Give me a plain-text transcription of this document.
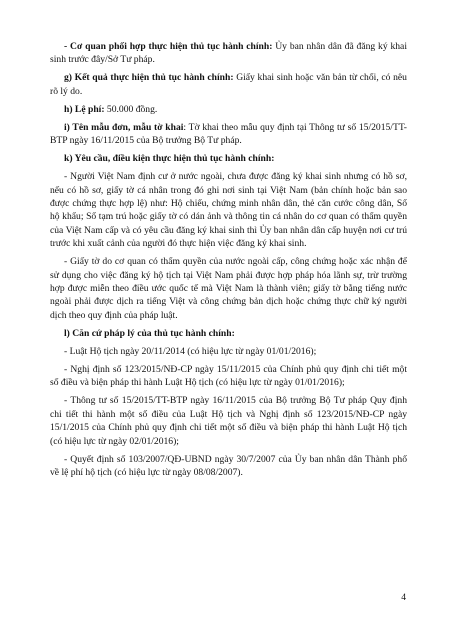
- Cơ quan phối hợp thực hiện thủ tục hành chính: Ủy ban nhân dân đã đăng ký khai sinh trước đây/Sở Tư pháp.

g) Kết quả thực hiện thủ tục hành chính: Giấy khai sinh hoặc văn bản từ chối, có nêu rõ lý do.

h) Lệ phí: 50.000 đồng.

i) Tên mẫu đơn, mẫu tờ khai: Tờ khai theo mẫu quy định tại Thông tư số 15/2015/TT-BTP ngày 16/11/2015 của Bộ trưởng Bộ Tư pháp.

k) Yêu cầu, điều kiện thực hiện thủ tục hành chính:

- Người Việt Nam định cư ở nước ngoài, chưa được đăng ký khai sinh nhưng có hồ sơ, nếu có hồ sơ, giấy tờ cá nhân trong đó ghi nơi sinh tại Việt Nam (bản chính hoặc bản sao được chứng thực hợp lệ) như: Hộ chiếu, chứng minh nhân dân, thẻ căn cước công dân, Sổ hộ khẩu; Sổ tạm trú hoặc giấy tờ có dán ảnh và thông tin cá nhân do cơ quan có thẩm quyền của Việt Nam cấp và có yêu cầu đăng ký khai sinh thì Ủy ban nhân dân cấp huyện nơi cư trú trước khi xuất cảnh của người đó thực hiện việc đăng ký khai sinh.

- Giấy tờ do cơ quan có thẩm quyền của nước ngoài cấp, công chứng hoặc xác nhận để sử dụng cho việc đăng ký hộ tịch tại Việt Nam phải được hợp pháp hóa lãnh sự, trừ trường hợp được miễn theo điều ước quốc tế mà Việt Nam là thành viên; giấy tờ bằng tiếng nước ngoài phải được dịch ra tiếng Việt và công chứng bản dịch hoặc chứng thực chữ ký người dịch theo quy định của pháp luật.

l) Căn cứ pháp lý của thủ tục hành chính:

- Luật Hộ tịch ngày 20/11/2014 (có hiệu lực từ ngày 01/01/2016);

- Nghị định số 123/2015/NĐ-CP ngày 15/11/2015 của Chính phủ quy định chi tiết một số điều và biện pháp thi hành Luật Hộ tịch (có hiệu lực từ ngày 01/01/2016);

- Thông tư số 15/2015/TT-BTP ngày 16/11/2015 của Bộ trưởng Bộ Tư pháp Quy định chi tiết thi hành một số điều của Luật Hộ tịch và Nghị định số 123/2015/NĐ-CP ngày 15/1/2015 của Chính phủ quy định chi tiết một số điều và biện pháp thi hành Luật Hộ tịch (có hiệu lực từ ngày 02/01/2016);

- Quyết định số 103/2007/QĐ-UBND ngày 30/7/2007 của Ủy ban nhân dân Thành phố về lệ phí hộ tịch (có hiệu lực từ ngày 08/08/2007).

4
